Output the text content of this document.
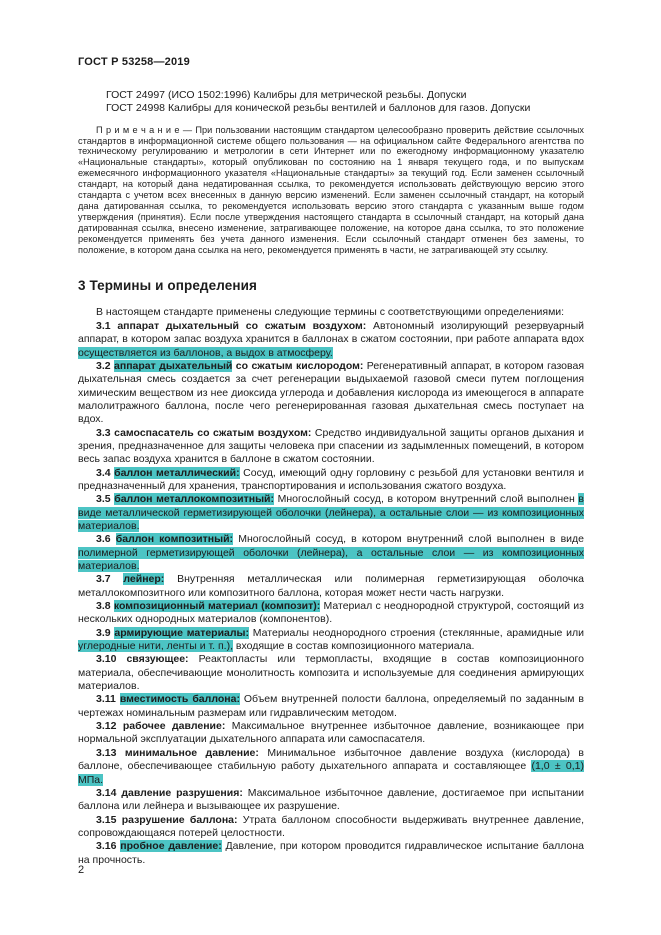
ГОСТ Р 53258—2019

ГОСТ 24997 (ИСО 1502:1996) Калибры для метрической резьбы. Допуски

ГОСТ 24998 Калибры для конической резьбы вентилей и баллонов для газов. Допуски

П р и м е ч а н и е — При пользовании настоящим стандартом целесообразно проверить действие ссылочных стандартов в информационной системе общего пользования — на официальном сайте Федерального агентства по техническому регулированию и метрологии в сети Интернет или по ежегодному информационному указателю «Национальные стандарты», который опубликован по состоянию на 1 января текущего года, и по выпускам ежемесячного информационного указателя «Национальные стандарты» за текущий год. Если заменен ссылочный стандарт, на который дана недатированная ссылка, то рекомендуется использовать действующую версию этого стандарта с учетом всех внесенных в данную версию изменений. Если заменен ссылочный стандарт, на который дана датированная ссылка, то рекомендуется использовать версию этого стандарта с указанным выше годом утверждения (принятия). Если после утверждения настоящего стандарта в ссылочный стандарт, на который дана датированная ссылка, внесено изменение, затрагивающее положение, на которое дана ссылка, то это положение рекомендуется применять без учета данного изменения. Если ссылочный стандарт отменен без замены, то положение, в котором дана ссылка на него, рекомендуется применять в части, не затрагивающей эту ссылку.

3 Термины и определения

В настоящем стандарте применены следующие термины с соответствующими определениями:

3.1 аппарат дыхательный со сжатым воздухом: Автономный изолирующий резервуарный аппарат, в котором запас воздуха хранится в баллонах в сжатом состоянии, при работе аппарата вдох осуществляется из баллонов, а выдох в атмосферу.

3.2 аппарат дыхательный со сжатым кислородом: Регенеративный аппарат, в котором газовая дыхательная смесь создается за счет регенерации выдыхаемой газовой смеси путем поглощения химическим веществом из нее диоксида углерода и добавления кислорода из имеющегося в аппарате малолитражного баллона, после чего регенерированная газовая дыхательная смесь поступает на вдох.

3.3 самоспасатель со сжатым воздухом: Средство индивидуальной защиты органов дыхания и зрения, предназначенное для защиты человека при спасении из задымленных помещений, в котором весь запас воздуха хранится в баллоне в сжатом состоянии.

3.4 баллон металлический: Сосуд, имеющий одну горловину с резьбой для установки вентиля и предназначенный для хранения, транспортирования и использования сжатого воздуха.

3.5 баллон металлокомпозитный: Многослойный сосуд, в котором внутренний слой выполнен в виде металлической герметизирующей оболочки (лейнера), а остальные слои — из композиционных материалов.

3.6 баллон композитный: Многослойный сосуд, в котором внутренний слой выполнен в виде полимерной герметизирующей оболочки (лейнера), а остальные слои — из композиционных материалов.

3.7 лейнер: Внутренняя металлическая или полимерная герметизирующая оболочка металлокомпозитного или композитного баллона, которая может нести часть нагрузки.

3.8 композиционный материал (композит): Материал с неоднородной структурой, состоящий из нескольких однородных материалов (компонентов).

3.9 армирующие материалы: Материалы неоднородного строения (стеклянные, арамидные или углеродные нити, ленты и т. п.), входящие в состав композиционного материала.

3.10 связующее: Реактопласты или термопласты, входящие в состав композиционного материала, обеспечивающие монолитность композита и используемые для соединения армирующих материалов.

3.11 вместимость баллона: Объем внутренней полости баллона, определяемый по заданным в чертежах номинальным размерам или гидравлическим методом.

3.12 рабочее давление: Максимальное внутреннее избыточное давление, возникающее при нормальной эксплуатации дыхательного аппарата или самоспасателя.

3.13 минимальное давление: Минимальное избыточное давление воздуха (кислорода) в баллоне, обеспечивающее стабильную работу дыхательного аппарата и составляющее (1,0 ± 0,1) МПа.

3.14 давление разрушения: Максимальное избыточное давление, достигаемое при испытании баллона или лейнера и вызывающее их разрушение.

3.15 разрушение баллона: Утрата баллоном способности выдерживать внутреннее давление, сопровождающаяся потерей целостности.

3.16 пробное давление: Давление, при котором проводится гидравлическое испытание баллона на прочность.

2
